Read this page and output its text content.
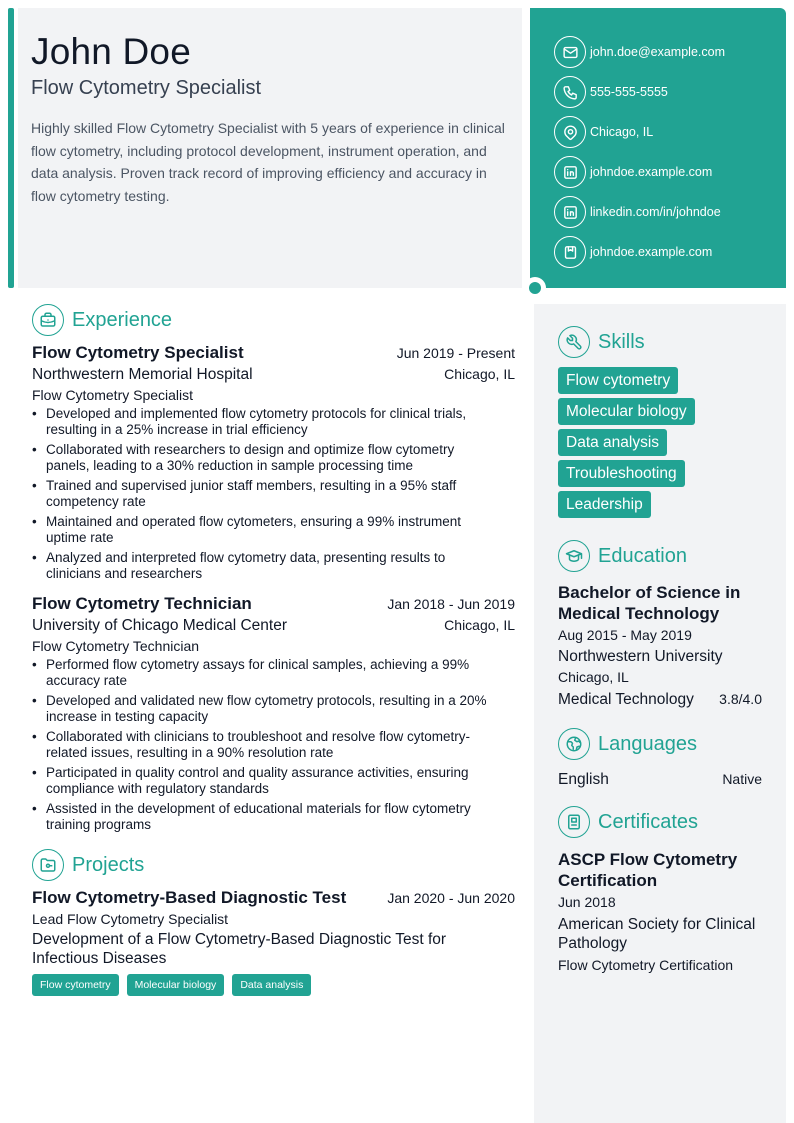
John Doe
Flow Cytometry Specialist

Highly skilled Flow Cytometry Specialist with 5 years of experience in clinical flow cytometry, including protocol development, instrument operation, and data analysis. Proven track record of improving efficiency and accuracy in flow cytometry testing.

john.doe@example.com
555-555-5555
Chicago, IL
johndoe.example.com
linkedin.com/in/johndoe
johndoe.example.com
Experience
Flow Cytometry Specialist	Jun 2019 - Present
Northwestern Memorial Hospital	Chicago, IL
Flow Cytometry Specialist
• Developed and implemented flow cytometry protocols for clinical trials, resulting in a 25% increase in trial efficiency
• Collaborated with researchers to design and optimize flow cytometry panels, leading to a 30% reduction in sample processing time
• Trained and supervised junior staff members, resulting in a 95% staff competency rate
• Maintained and operated flow cytometers, ensuring a 99% instrument uptime rate
• Analyzed and interpreted flow cytometry data, presenting results to clinicians and researchers
Flow Cytometry Technician	Jan 2018 - Jun 2019
University of Chicago Medical Center	Chicago, IL
Flow Cytometry Technician
• Performed flow cytometry assays for clinical samples, achieving a 99% accuracy rate
• Developed and validated new flow cytometry protocols, resulting in a 20% increase in testing capacity
• Collaborated with clinicians to troubleshoot and resolve flow cytometry-related issues, resulting in a 90% resolution rate
• Participated in quality control and quality assurance activities, ensuring compliance with regulatory standards
• Assisted in the development of educational materials for flow cytometry training programs
Projects
Flow Cytometry-Based Diagnostic Test	Jan 2020 - Jun 2020
Lead Flow Cytometry Specialist
Development of a Flow Cytometry-Based Diagnostic Test for Infectious Diseases
Flow cytometry	Molecular biology	Data analysis
Skills
Flow cytometry
Molecular biology
Data analysis
Troubleshooting
Leadership
Education
Bachelor of Science in Medical Technology
Aug 2015 - May 2019
Northwestern University
Chicago, IL
Medical Technology 3.8/4.0
Languages
English	Native
Certificates
ASCP Flow Cytometry Certification
Jun 2018
American Society for Clinical Pathology
Flow Cytometry Certification
